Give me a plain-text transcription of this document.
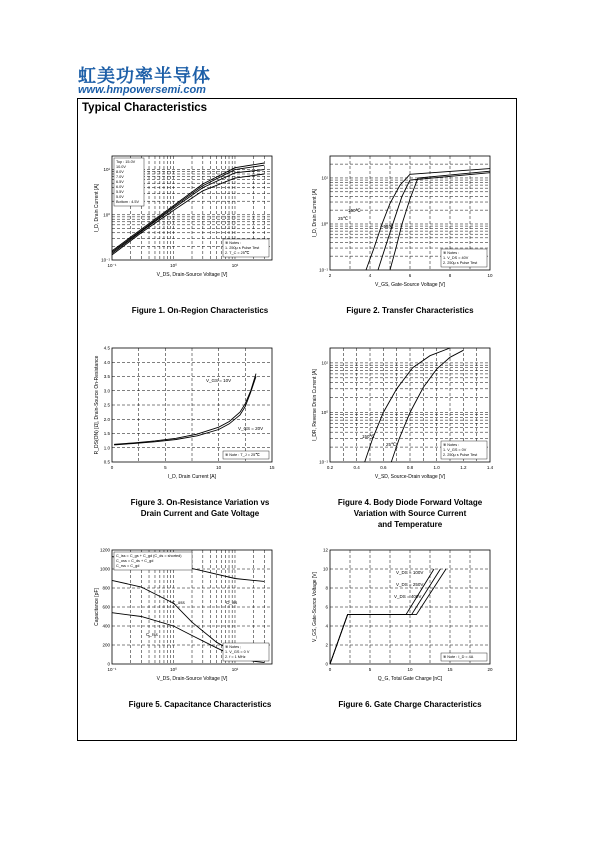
虹美功率半导体
www.hmpowersemi.com
Typical Characteristics
10⁻¹	10⁰	10¹
10⁻¹
10⁰
10¹
V_DS, Drain-Source Voltage [V]
I_D, Drain Current [A]
※ Notes :
1. 250μ s Pulse Test
2. T_C = 25℃
Top : 15.0V
10.0V
8.0V
7.0V
6.5V
6.0V
5.5V
5.0V
Bottom : 4.5V
2	4	6	8	10
10⁻¹
10⁰
10¹
V_GS, Gate-Source Voltage [V]
I_D, Drain Current [A]
※ Notes :
1. V_DS = 40V
2. 250μ s Pulse Test
150℃
25℃
-55℃
0	5	10	15
0.5
1.0
1.5
2.0
2.5
3.0
3.5
4.0
4.5
I_D, Drain Current [A]
R_DS(ON) [Ω], Drain-Source On-Resistance
※ Note : T_J = 25℃
V_GS = 10V
V_GS = 20V
0.2	0.4	0.6	0.8	1.0	1.2	1.4
10⁻¹
10⁰
10¹
V_SD, Source-Drain voltage [V]
I_DR, Reverse Drain Current [A]
※ Notes :
1. V_GS = 0V
2. 250μ s Pulse Test
150℃
25℃
10⁻¹	10⁰	10¹
0
200
400
600
800
1000
1200
V_DS, Drain-Source Voltage [V]
Capacitance [pF]
※ Notes ;
1. V_GS = 0 V
2. f = 1 MHz
C_iss = C_gs + C_gd (C_ds = shorted)
C_oss = C_ds + C_gd
C_rss = C_gd
C_iss
C_oss
C_rss
0	5	10	15	20
0
2
4
6
8
10
12
Q_G, Total Gate Charge [nC]
V_GS, Gate-Source Voltage [V]
※ Note : I_D = 4A
V_DS = 100V
V_DS = 250V
V_DS = 400V
Figure 1. On-Region Characteristics	Figure 2. Transfer Characteristics
Figure 3. On-Resistance Variation vs
Drain Current and Gate Voltage
Figure 4. Body Diode Forward Voltage
Variation with Source Current
and Temperature
Figure 5. Capacitance Characteristics	Figure 6. Gate Charge Characteristics
